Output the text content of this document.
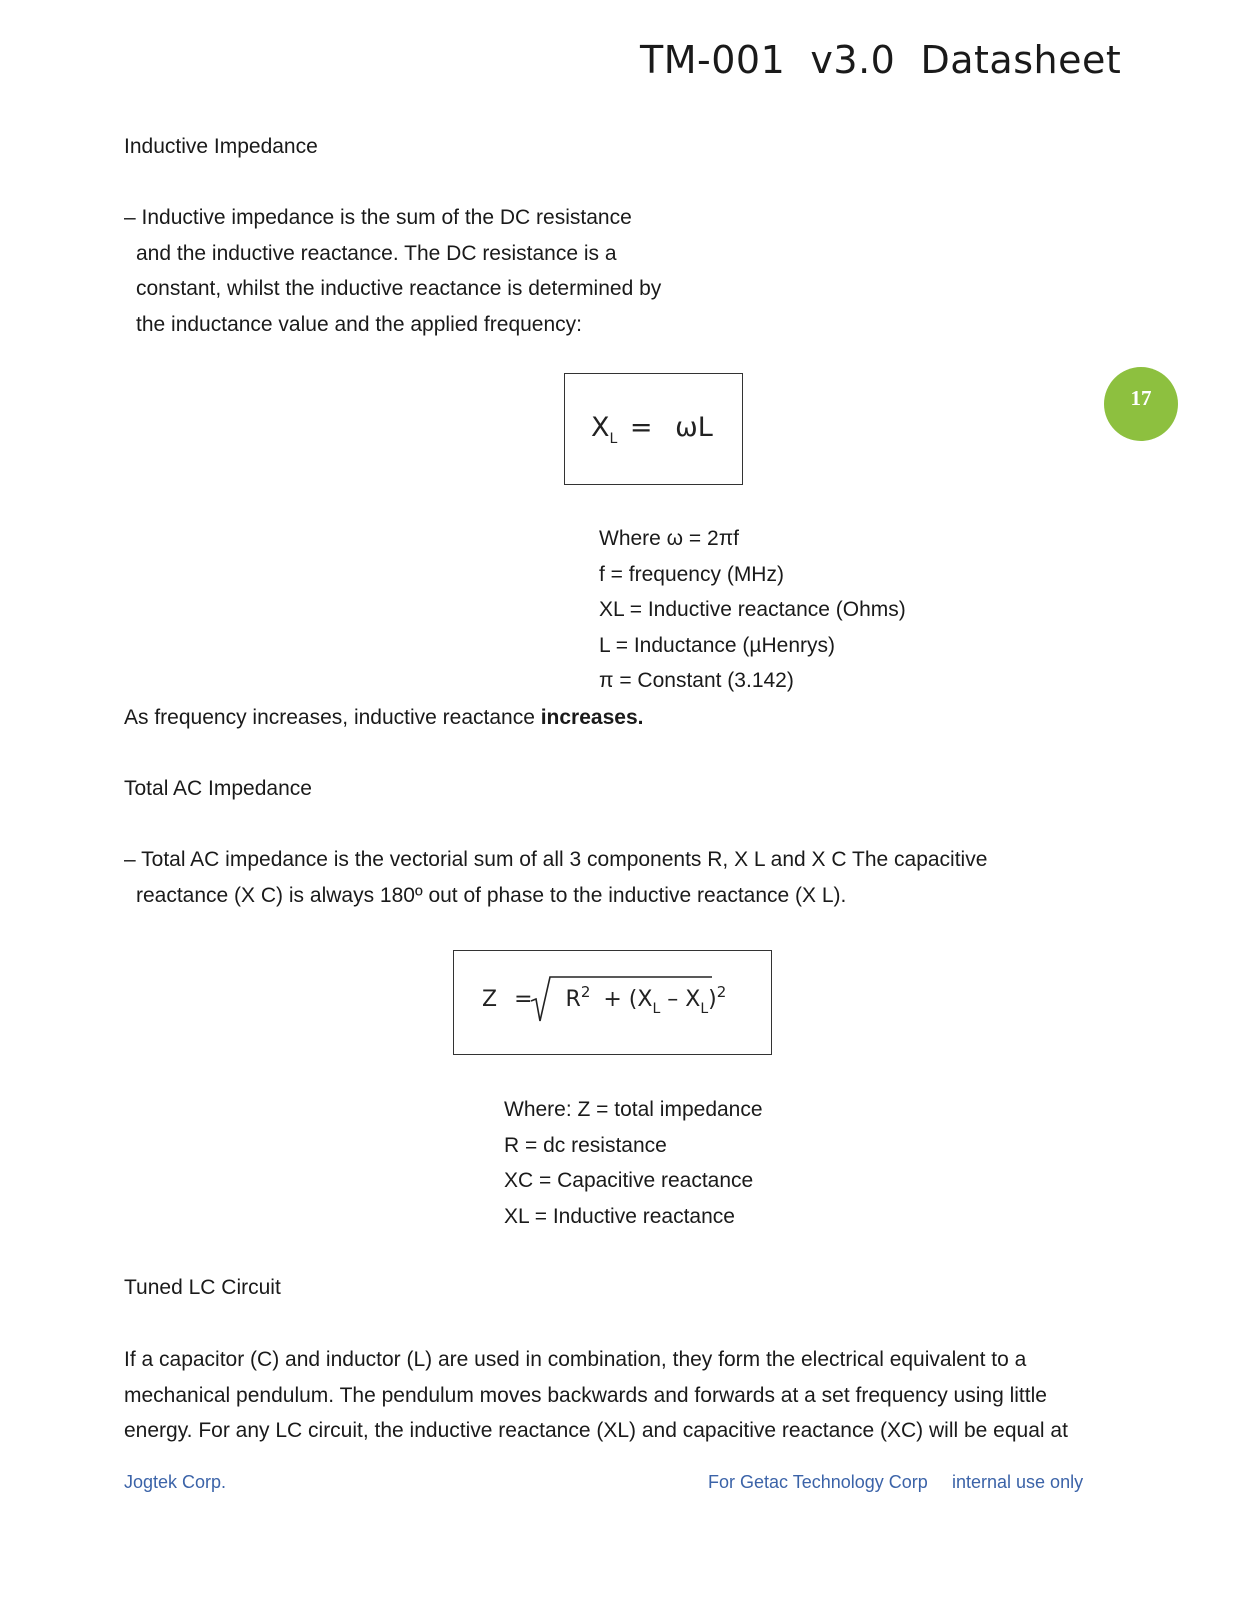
TM-001  v3.0  Datasheet
17
Inductive Impedance
– Inductive impedance is the sum of the DC resistance
and the inductive reactance. The DC resistance is a
constant, whilst the inductive reactance is determined by
the inductance value and the applied frequency:
$X_L = \omega L$
Where ω = 2πf
f = frequency (MHz)
XL = Inductive reactance (Ohms)
L = Inductance (µHenrys)
π = Constant (3.142)
As frequency increases, inductive reactance increases.
Total AC Impedance
– Total AC impedance is the vectorial sum of all 3 components R, X L and X C The capacitive
reactance (X C) is always 180º out of phase to the inductive reactance (X L).
$Z = R^2 + (X_L - X_L)^2$
Where: Z = total impedance
R = dc resistance
XC = Capacitive reactance
XL = Inductive reactance
Tuned LC Circuit
If a capacitor (C) and inductor (L) are used in combination, they form the electrical equivalent to a
mechanical pendulum. The pendulum moves backwards and forwards at a set frequency using little
energy. For any LC circuit, the inductive reactance (XL) and capacitive reactance (XC) will be equal at
Jogtek Corp.	For Getac Technology Corp internal use only
